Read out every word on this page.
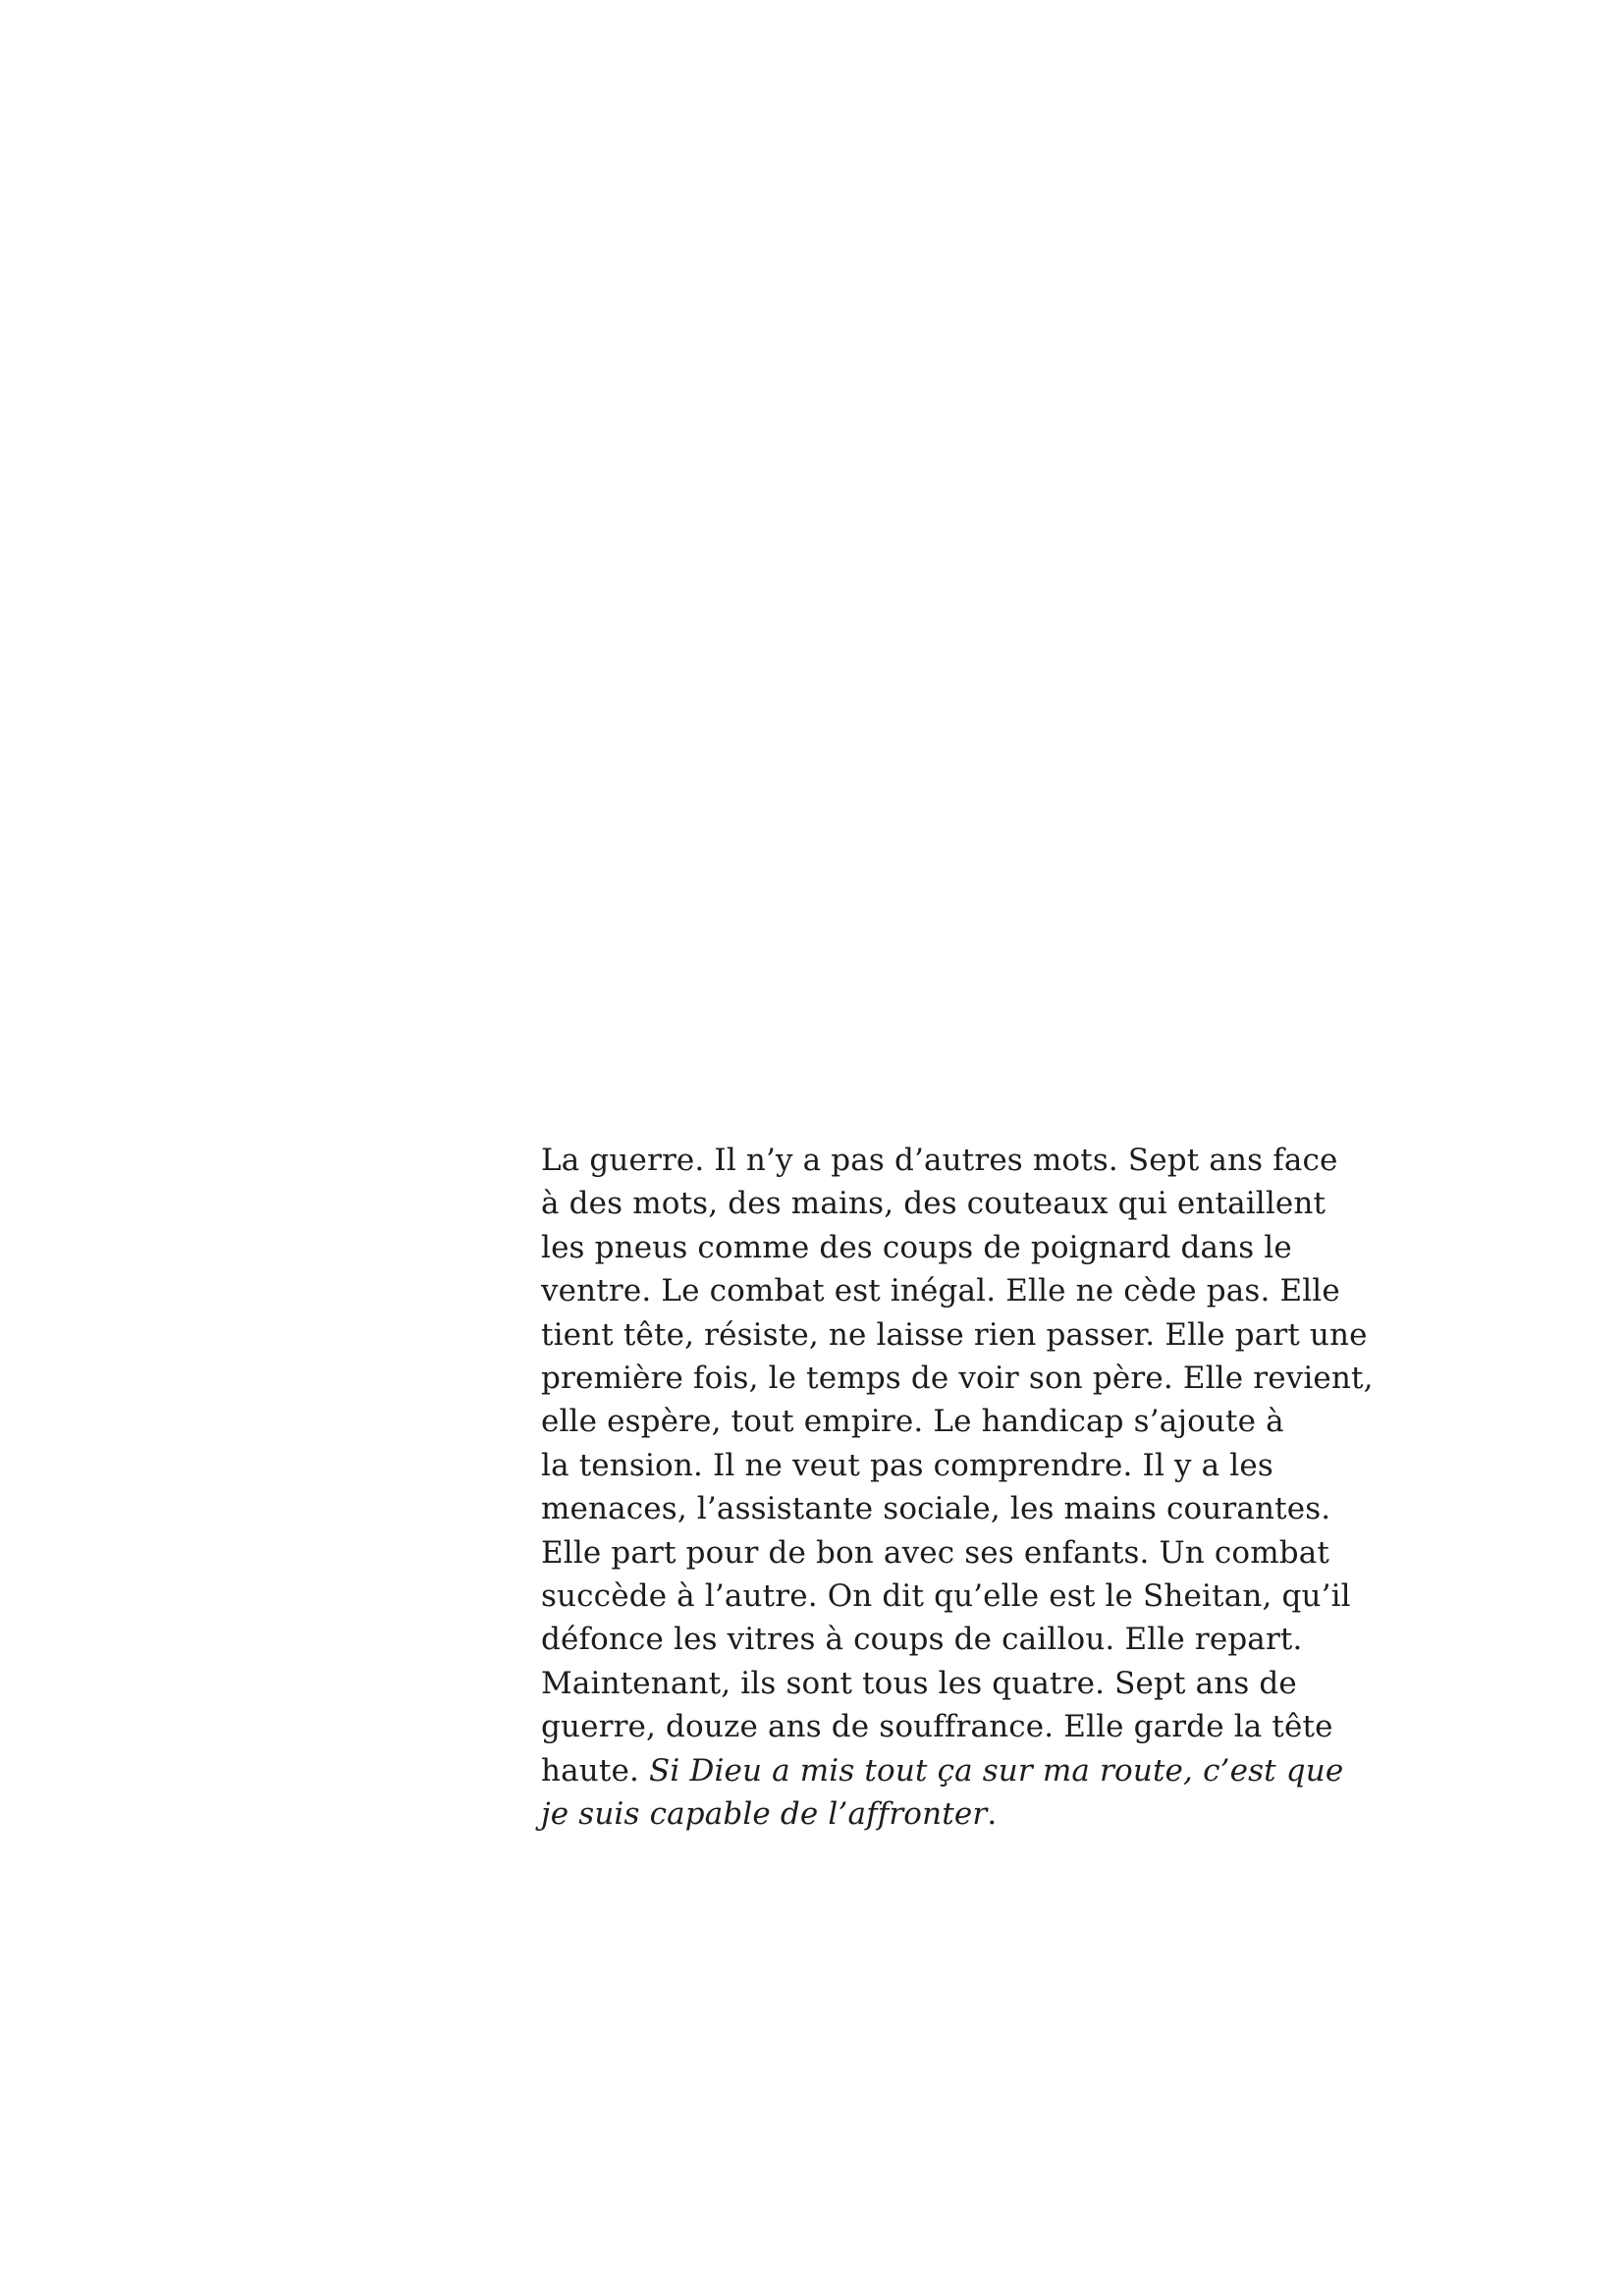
La guerre. Il n’y a pas d’autres mots. Sept ans face
à des mots, des mains, des couteaux qui entaillent
les pneus comme des coups de poignard dans le
ventre. Le combat est inégal. Elle ne cède pas. Elle
tient tête, résiste, ne laisse rien passer. Elle part une
première fois, le temps de voir son père. Elle revient,
elle espère, tout empire. Le handicap s’ajoute à
la tension. Il ne veut pas comprendre. Il y a les
menaces, l’assistante sociale, les mains courantes.
Elle part pour de bon avec ses enfants. Un combat
succède à l’autre. On dit qu’elle est le Sheitan, qu’il
défonce les vitres à coups de caillou. Elle repart.
Maintenant, ils sont tous les quatre. Sept ans de
guerre, douze ans de souffrance. Elle garde la tête
haute. Si Dieu a mis tout ça sur ma route, c’est que
je suis capable de l’affronter.
